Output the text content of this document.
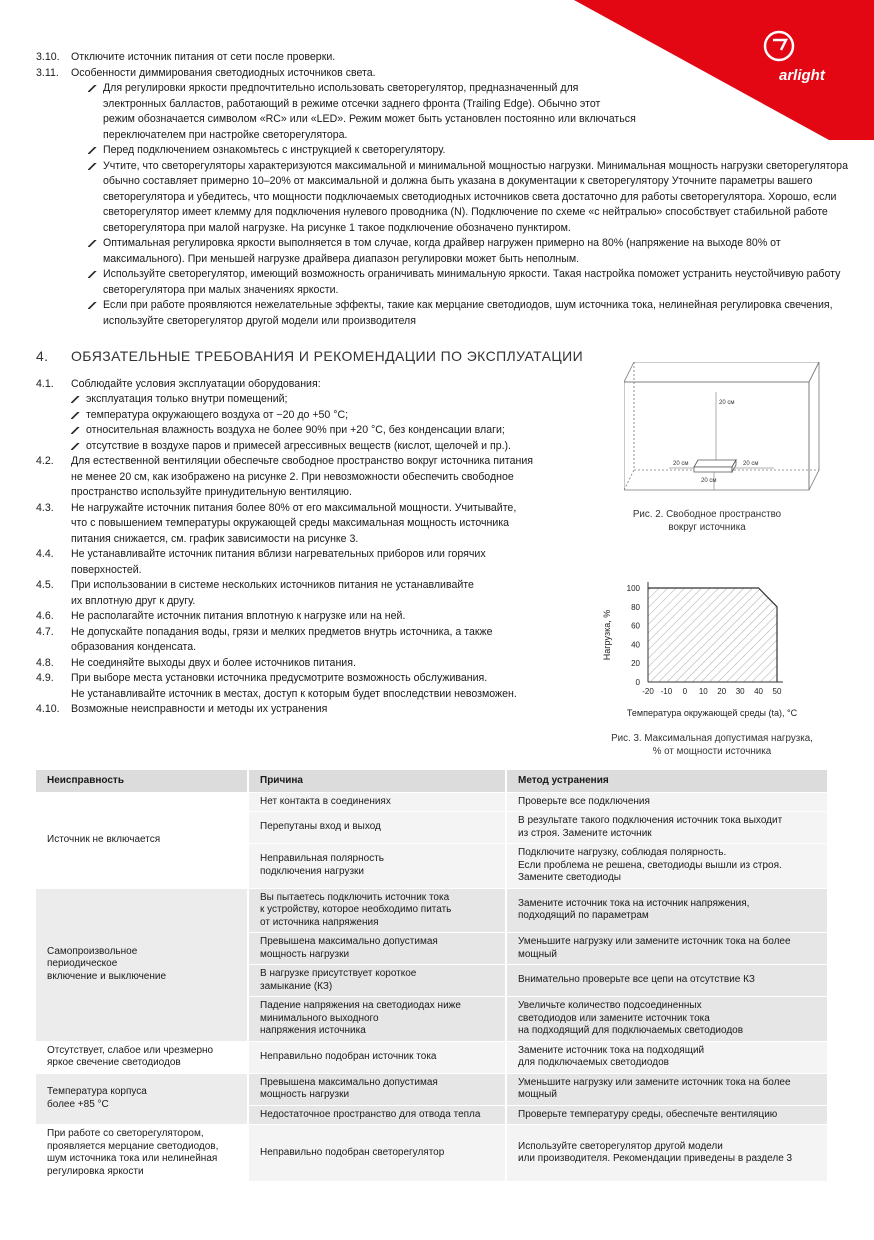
arlight
3.10.	Отключите источник питания от сети после проверки.
3.11.	Особенности диммирования светодиодных источников света.
Для регулировки яркости предпочтительно использовать светорегулятор, предназначенный для
электронных балластов, работающий в режиме отсечки заднего фронта (Trailing Edge). Обычно этот
режим обозначается символом «RC» или «LED». Режим может быть установлен постоянно или включаться
переключателем при настройке светорегулятора.
Перед подключением ознакомьтесь с инструкцией к светорегулятору.
Учтите, что светорегуляторы характеризуются максимальной и минимальной мощностью нагрузки. Минимальная мощность нагрузки светорегулятора обычно составляет примерно 10–20% от максимальной и должна быть указана в документации к светорегулятору Уточните параметры вашего светорегулятора и убедитесь, что мощности подключаемых светодиодных источников света достаточно для работы светорегулятора. Хорошо, если светорегулятор имеет клемму для подключения нулевого проводника (N). Подключение по схеме «с нейтралью» способствует стабильной работе светорегулятора при малой нагрузке. На рисунке 1 такое подключение обозначено пунктиром.
Оптимальная регулировка яркости выполняется в том случае, когда драйвер нагружен примерно на 80% (напряжение на выходе 80% от максимального). При меньшей нагрузке драйвера диапазон регулировки может быть неполным.
Используйте светорегулятор, имеющий возможность ограничивать минимальную яркости. Такая настройка поможет устранить неустойчивую работу светорегулятора при малых значениях яркости.
Если при работе проявляются нежелательные эффекты, такие как мерцание светодиодов, шум источника тока, нелинейная регулировка свечения, используйте светорегулятор другой модели или производителя
4.	ОБЯЗАТЕЛЬНЫЕ ТРЕБОВАНИЯ И РЕКОМЕНДАЦИИ ПО ЭКСПЛУАТАЦИИ
4.1.	Соблюдайте условия эксплуатации оборудования:
эксплуатация только внутри помещений;
температура окружающего воздуха от −20 до +50 °C;
относительная влажность воздуха не более 90% при +20 °C, без конденсации влаги;
отсутствие в воздухе паров и примесей агрессивных веществ (кислот, щелочей и пр.).
4.2.	Для естественной вентиляции обеспечьте свободное пространство вокруг источника питания
не менее 20 см, как изображено на рисунке 2. При невозможности обеспечить свободное
пространство используйте принудительную вентиляцию.
4.3.	Не нагружайте источник питания более 80% от его максимальной мощности. Учитывайте,
что с повышением температуры окружающей среды максимальная мощность источника
питания снижается, см. график зависимости на рисунке 3.
4.4.	Не устанавливайте источник питания вблизи нагревательных приборов или горячих
поверхностей.
4.5.	При использовании в системе нескольких источников питания не устанавливайте
их вплотную друг к другу.
4.6.	Не располагайте источник питания вплотную к нагрузке или на ней.
4.7.	Не допускайте попадания воды, грязи и мелких предметов внутрь источника, а также
образования конденсата.
4.8.	Не соединяйте выходы двух и более источников питания.
4.9.	При выборе места установки источника предусмотрите возможность обслуживания.
Не устанавливайте источник в местах, доступ к которым будет впоследствии невозможен.
4.10.	Возможные неисправности и методы их устранения
20 см
20 см	20 см
20 см
Рис. 2. Свободное пространство
вокруг источника
0
20
40
60
80
100
-20 -10 0 10 20 30 40 50
Нагрузка, %
Температура окружающей среды (ta), °C
Рис. 3. Максимальная допустимая нагрузка,
% от мощности источника
Неисправность	Причина	Метод устранения
Источник не включается	Нет контакта в соединениях	Проверьте все подключения
	Перепутаны вход и выход	В результате такого подключения источник тока выходит
из строя. Замените источник
	Неправильная полярность
подключения нагрузки	Подключите нагрузку, соблюдая полярность.
Если проблема не решена, светодиоды вышли из строя.
Замените светодиоды
Самопроизвольное
периодическое
включение и выключение	Вы пытаетесь подключить источник тока
к устройству, которое необходимо питать
от источника напряжения	Замените источник тока на источник напряжения,
подходящий по параметрам
	Превышена максимально допустимая
мощность нагрузки	Уменьшите нагрузку или замените источник тока на более
мощный
	В нагрузке присутствует короткое
замыкание (КЗ)	Внимательно проверьте все цепи на отсутствие КЗ
	Падение напряжения на светодиодах ниже
минимального выходного
напряжения источника	Увеличьте количество подсоединенных
светодиодов или замените источник тока
на подходящий для подключаемых светодиодов
Отсутствует, слабое или чрезмерно
яркое свечение светодиодов	Неправильно подобран источник тока	Замените источник тока на подходящий
для подключаемых светодиодов
Температура корпуса
более +85 °C	Превышена максимально допустимая
мощность нагрузки	Уменьшите нагрузку или замените источник тока на более
мощный
	Недостаточное пространство для отвода тепла	Проверьте температуру среды, обеспечьте вентиляцию
При работе со светорегулятором,
проявляется мерцание светодиодов,
шум источника тока или нелинейная
регулировка яркости	Неправильно подобран светорегулятор	Используйте светорегулятор другой модели
или производителя. Рекомендации приведены в разделе 3
